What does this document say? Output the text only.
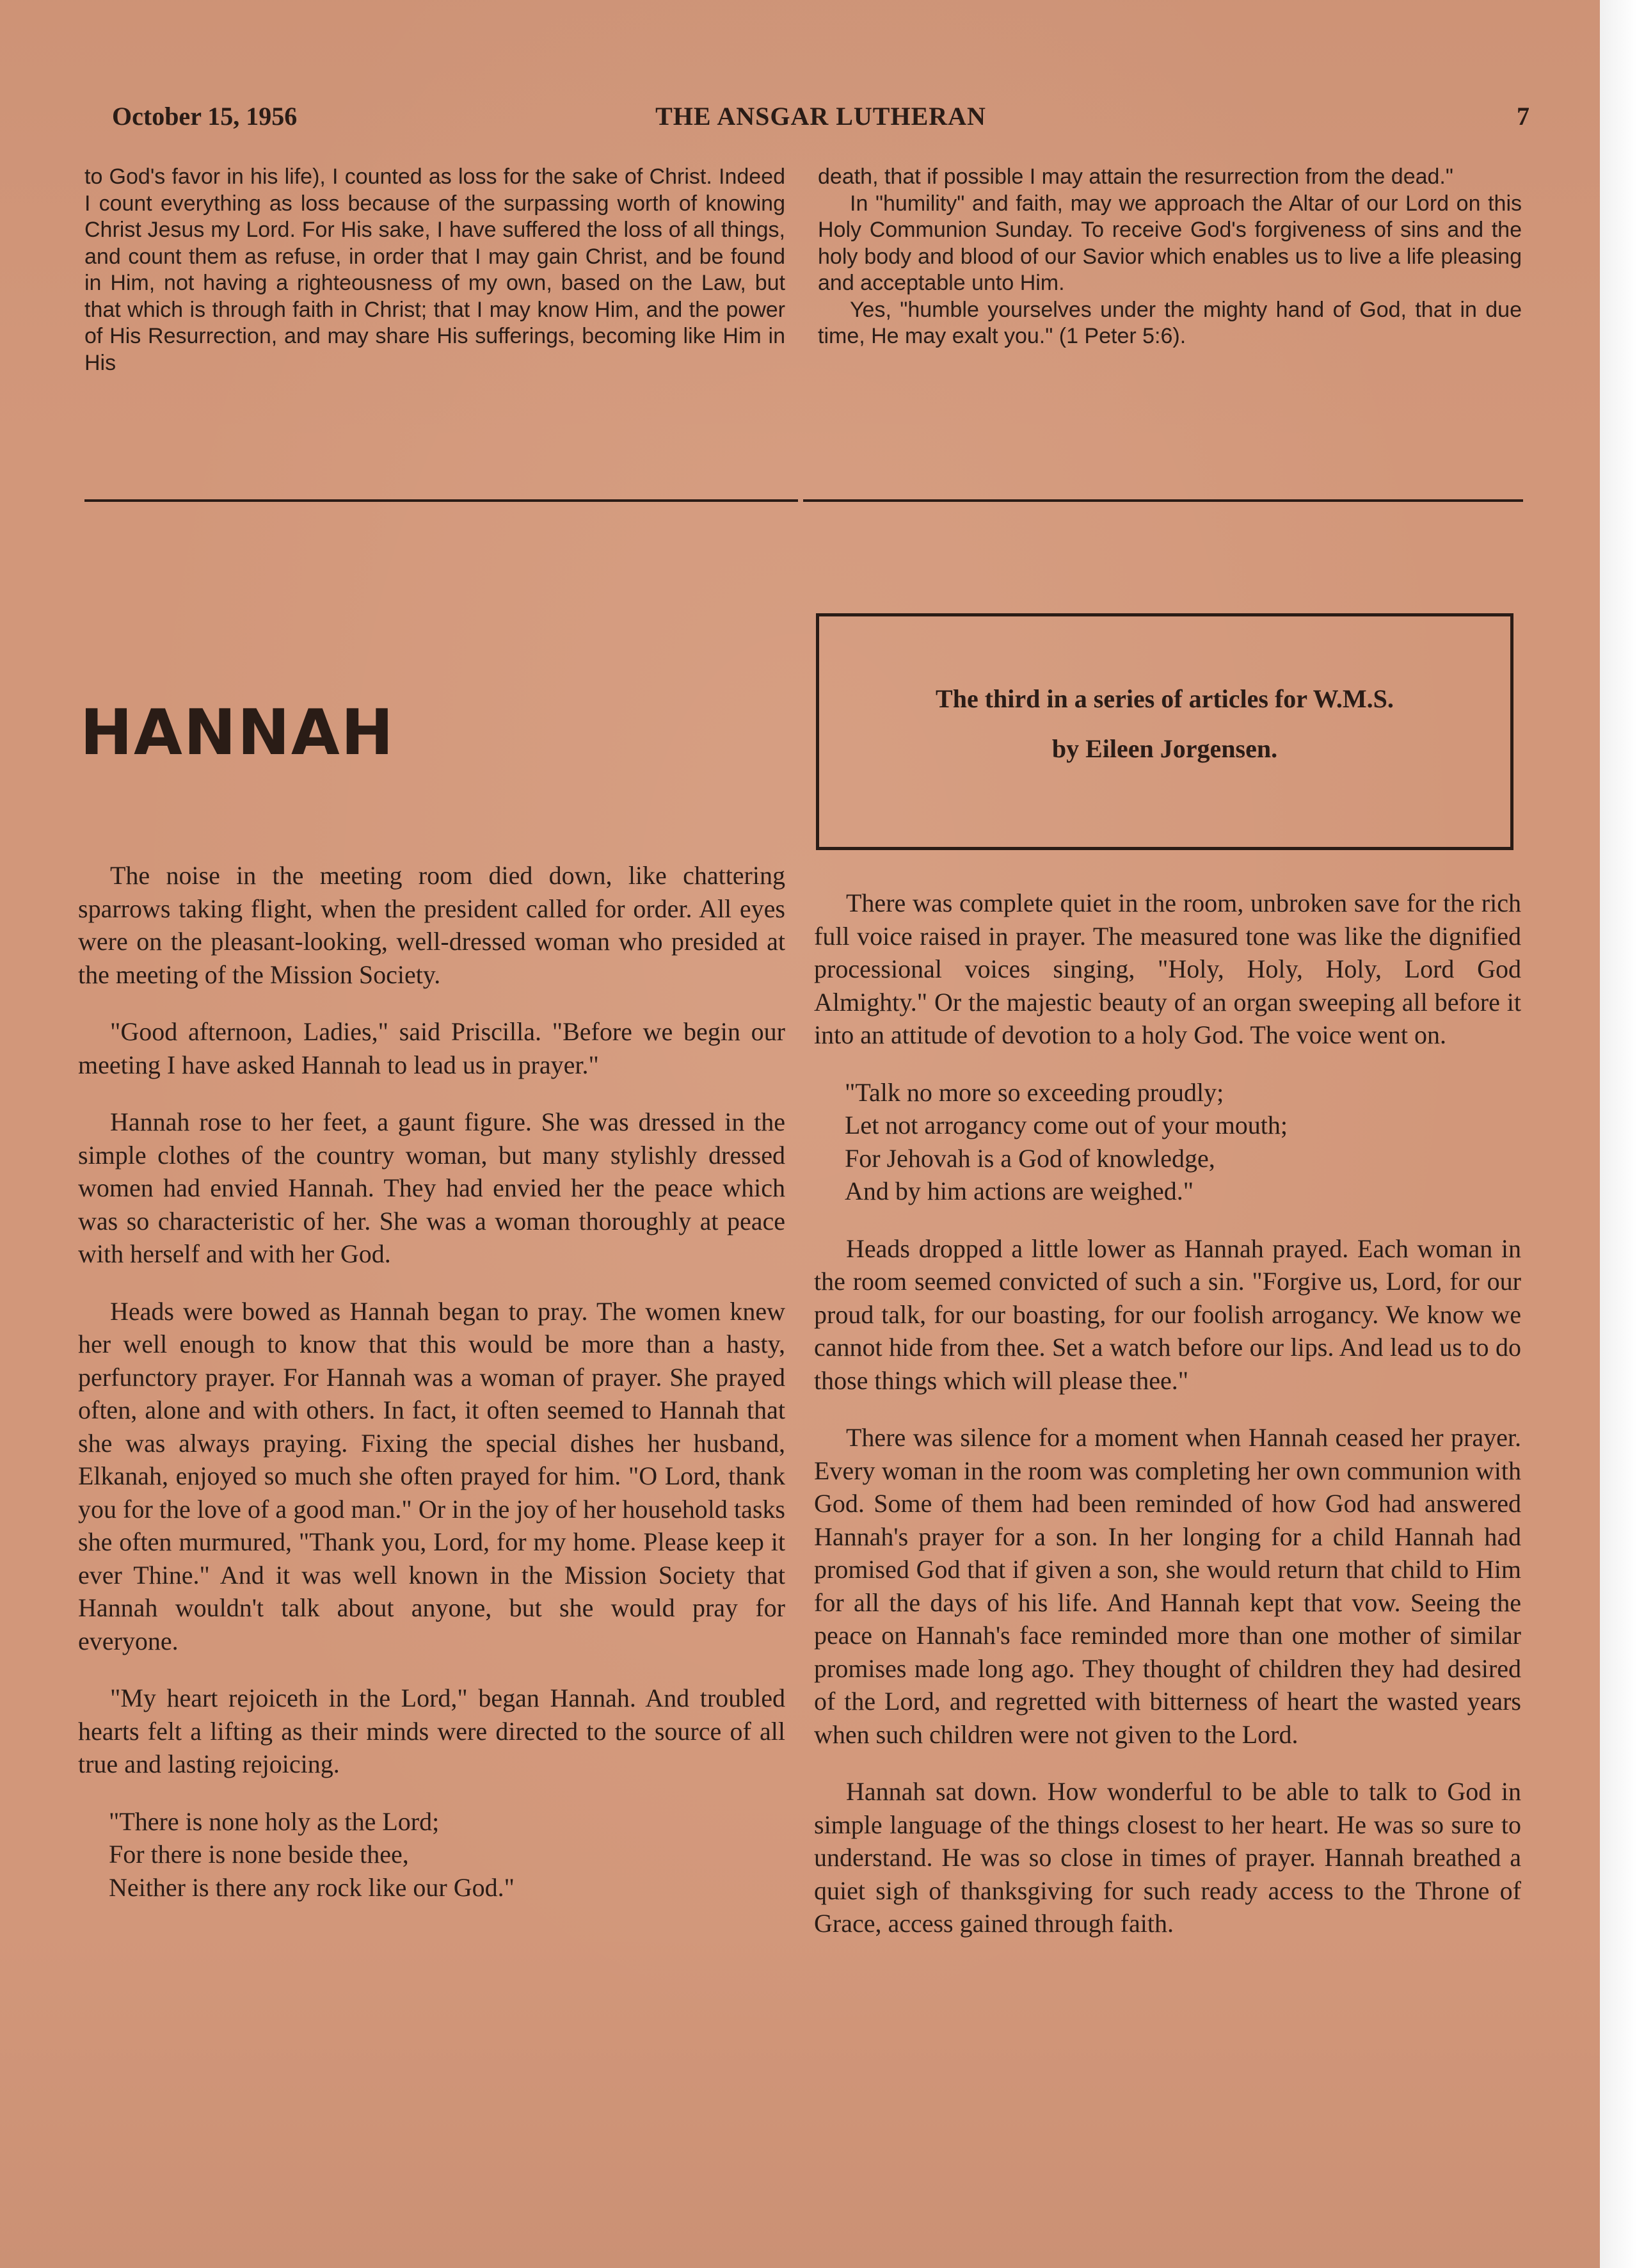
October 15, 1956	THE ANSGAR LUTHERAN	7

to God's favor in his life), I counted as loss for the sake of Christ. Indeed I count everything as loss because of the surpassing worth of knowing Christ Jesus my Lord. For His sake, I have suffered the loss of all things, and count them as refuse, in order that I may gain Christ, and be found in Him, not having a righteousness of my own, based on the Law, but that which is through faith in Christ; that I may know Him, and the power of His Resurrection, and may share His sufferings, becoming like Him in His

death, that if possible I may attain the resurrection from the dead."

In "humility" and faith, may we approach the Altar of our Lord on this Holy Communion Sunday. To receive God's forgiveness of sins and the holy body and blood of our Savior which enables us to live a life pleasing and acceptable unto Him.

Yes, "humble yourselves under the mighty hand of God, that in due time, He may exalt you." (1 Peter 5:6).

HANNAH	The third in a series of articles for W.M.S.
by Eileen Jorgensen.

The noise in the meeting room died down, like chattering sparrows taking flight, when the president called for order. All eyes were on the pleasant-looking, well-dressed woman who presided at the meeting of the Mission Society.

"Good afternoon, Ladies," said Priscilla. "Before we begin our meeting I have asked Hannah to lead us in prayer."

Hannah rose to her feet, a gaunt figure. She was dressed in the simple clothes of the country woman, but many stylishly dressed women had envied Hannah. They had envied her the peace which was so characteristic of her. She was a woman thoroughly at peace with herself and with her God.

Heads were bowed as Hannah began to pray. The women knew her well enough to know that this would be more than a hasty, perfunctory prayer. For Hannah was a woman of prayer. She prayed often, alone and with others. In fact, it often seemed to Hannah that she was always praying. Fixing the special dishes her husband, Elkanah, enjoyed so much she often prayed for him. "O Lord, thank you for the love of a good man." Or in the joy of her household tasks she often murmured, "Thank you, Lord, for my home. Please keep it ever Thine." And it was well known in the Mission Society that Hannah wouldn't talk about anyone, but she would pray for everyone.

"My heart rejoiceth in the Lord," began Hannah. And troubled hearts felt a lifting as their minds were directed to the source of all true and lasting rejoicing.

"There is none holy as the Lord;
For there is none beside thee,
Neither is there any rock like our God."

There was complete quiet in the room, unbroken save for the rich full voice raised in prayer. The measured tone was like the dignified processional voices singing, "Holy, Holy, Holy, Lord God Almighty." Or the majestic beauty of an organ sweeping all before it into an attitude of devotion to a holy God. The voice went on.

"Talk no more so exceeding proudly;
Let not arrogancy come out of your mouth;
For Jehovah is a God of knowledge,
And by him actions are weighed."

Heads dropped a little lower as Hannah prayed. Each woman in the room seemed convicted of such a sin. "Forgive us, Lord, for our proud talk, for our boasting, for our foolish arrogancy. We know we cannot hide from thee. Set a watch before our lips. And lead us to do those things which will please thee."

There was silence for a moment when Hannah ceased her prayer. Every woman in the room was completing her own communion with God. Some of them had been reminded of how God had answered Hannah's prayer for a son. In her longing for a child Hannah had promised God that if given a son, she would return that child to Him for all the days of his life. And Hannah kept that vow. Seeing the peace on Hannah's face reminded more than one mother of similar promises made long ago. They thought of children they had desired of the Lord, and regretted with bitterness of heart the wasted years when such children were not given to the Lord.

Hannah sat down. How wonderful to be able to talk to God in simple language of the things closest to her heart. He was so sure to understand. He was so close in times of prayer. Hannah breathed a quiet sigh of thanksgiving for such ready access to the Throne of Grace, access gained through faith.
